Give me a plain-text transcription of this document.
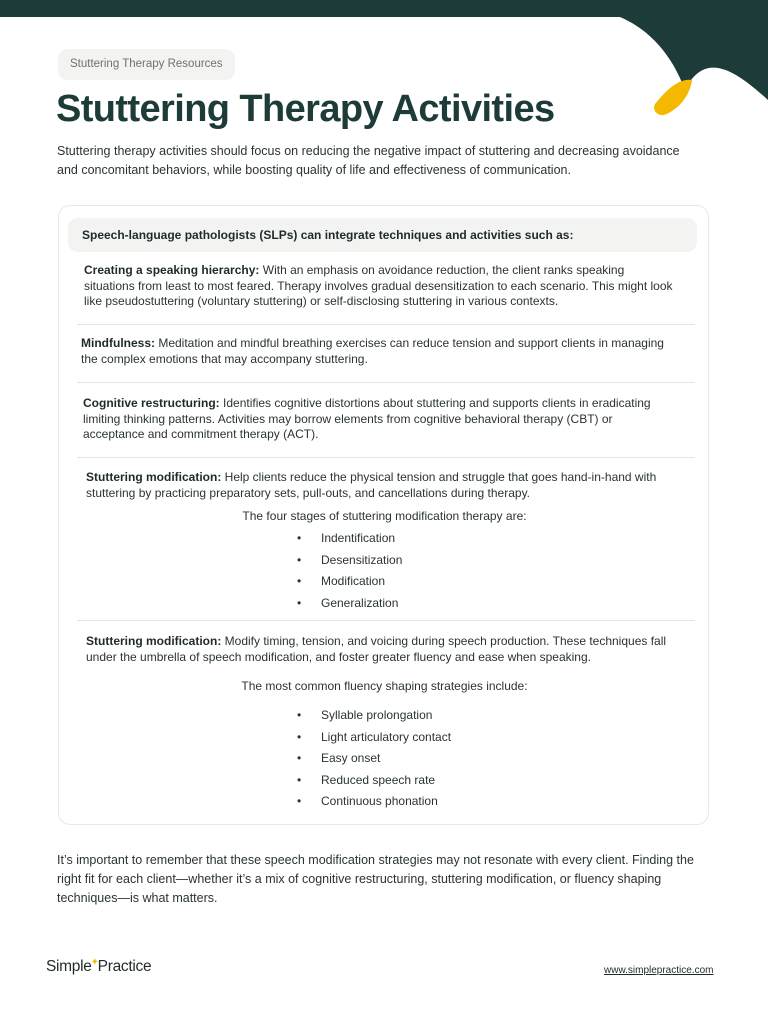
Stuttering Therapy Resources
Stuttering Therapy Activities

Stuttering therapy activities should focus on reducing the negative impact of stuttering and decreasing avoidance and concomitant behaviors, while boosting quality of life and effectiveness of communication.

Speech-language pathologists (SLPs) can integrate techniques and activities such as:

Creating a speaking hierarchy: With an emphasis on avoidance reduction, the client ranks speaking situations from least to most feared. Therapy involves gradual desensitization to each scenario. This might look like pseudostuttering (voluntary stuttering) or self-disclosing stuttering in various contexts.

Mindfulness: Meditation and mindful breathing exercises can reduce tension and support clients in managing the complex emotions that may accompany stuttering.

Cognitive restructuring: Identifies cognitive distortions about stuttering and supports clients in eradicating limiting thinking patterns. Activities may borrow elements from cognitive behavioral therapy (CBT) or acceptance and commitment therapy (ACT).

Stuttering modification: Help clients reduce the physical tension and struggle that goes hand-in-hand with stuttering by practicing preparatory sets, pull-outs, and cancellations during therapy.

The four stages of stuttering modification therapy are:
• Indentification
• Desensitization
• Modification
• Generalization

Stuttering modification: Modify timing, tension, and voicing during speech production. These techniques fall under the umbrella of speech modification, and foster greater fluency and ease when speaking.

The most common fluency shaping strategies include:
• Syllable prolongation
• Light articulatory contact
• Easy onset
• Reduced speech rate
• Continuous phonation

It’s important to remember that these speech modification strategies may not resonate with every client. Finding the right fit for each client—whether it’s a mix of cognitive restructuring, stuttering modification, or fluency shaping techniques—is what matters.

Simple✦Practice	www.simplepractice.com
